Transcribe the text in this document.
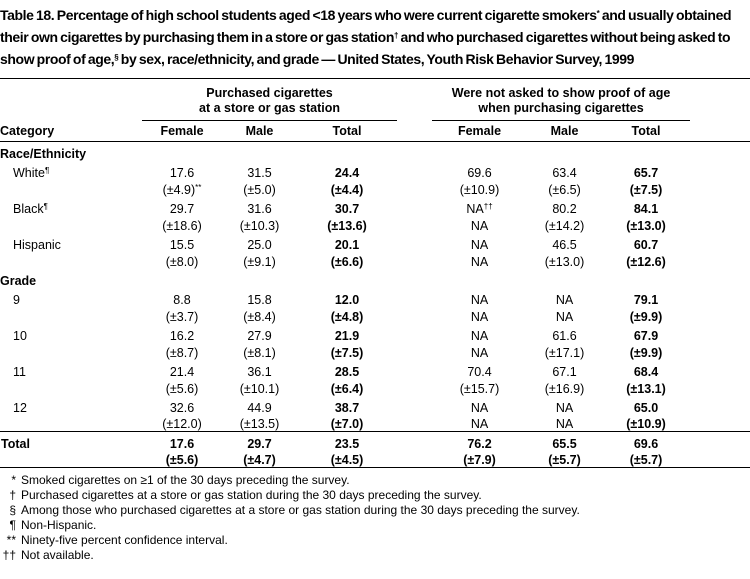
Table 18. Percentage of high school students aged <18 years who were current cigarette smokers* and usually obtained their own cigarettes by purchasing them in a store or gas station† and who purchased cigarettes without being asked to show proof of age,§ by sex, race/ethnicity, and grade — United States, Youth Risk Behavior Survey, 1999

Purchased cigarettes
at a store or gas station

Were not asked to show proof of age
when purchasing cigarettes

Category	Female	Male	Total		Female	Male	Total	
Race/Ethnicity								
White¶	17.6	31.5	24.4		69.6	63.4	65.7	
	(±4.9)**	(±5.0)	(±4.4)		(±10.9)	(±6.5)	(±7.5)	
Black¶	29.7	31.6	30.7		NA††	80.2	84.1	
	(±18.6)	(±10.3)	(±13.6)		NA	(±14.2)	(±13.0)	
Hispanic	15.5	25.0	20.1		NA	46.5	60.7	
	(±8.0)	(±9.1)	(±6.6)		NA	(±13.0)	(±12.6)	
Grade								
9	8.8	15.8	12.0		NA	NA	79.1	
	(±3.7)	(±8.4)	(±4.8)		NA	NA	(±9.9)	
10	16.2	27.9	21.9		NA	61.6	67.9	
	(±8.7)	(±8.1)	(±7.5)		NA	(±17.1)	(±9.9)	
11	21.4	36.1	28.5		70.4	67.1	68.4	
	(±5.6)	(±10.1)	(±6.4)		(±15.7)	(±16.9)	(±13.1)	
12	32.6	44.9	38.7		NA	NA	65.0	
	(±12.0)	(±13.5)	(±7.0)		NA	NA	(±10.9)	
Total	17.6	29.7	23.5		76.2	65.5	69.6	
	(±5.6)	(±4.7)	(±4.5)		(±7.9)	(±5.7)	(±5.7)	
* Smoked cigarettes on ≥1 of the 30 days preceding the survey.
† Purchased cigarettes at a store or gas station during the 30 days preceding the survey.
§ Among those who purchased cigarettes at a store or gas station during the 30 days preceding the survey.
¶ Non-Hispanic.
** Ninety-five percent confidence interval.
†† Not available.
